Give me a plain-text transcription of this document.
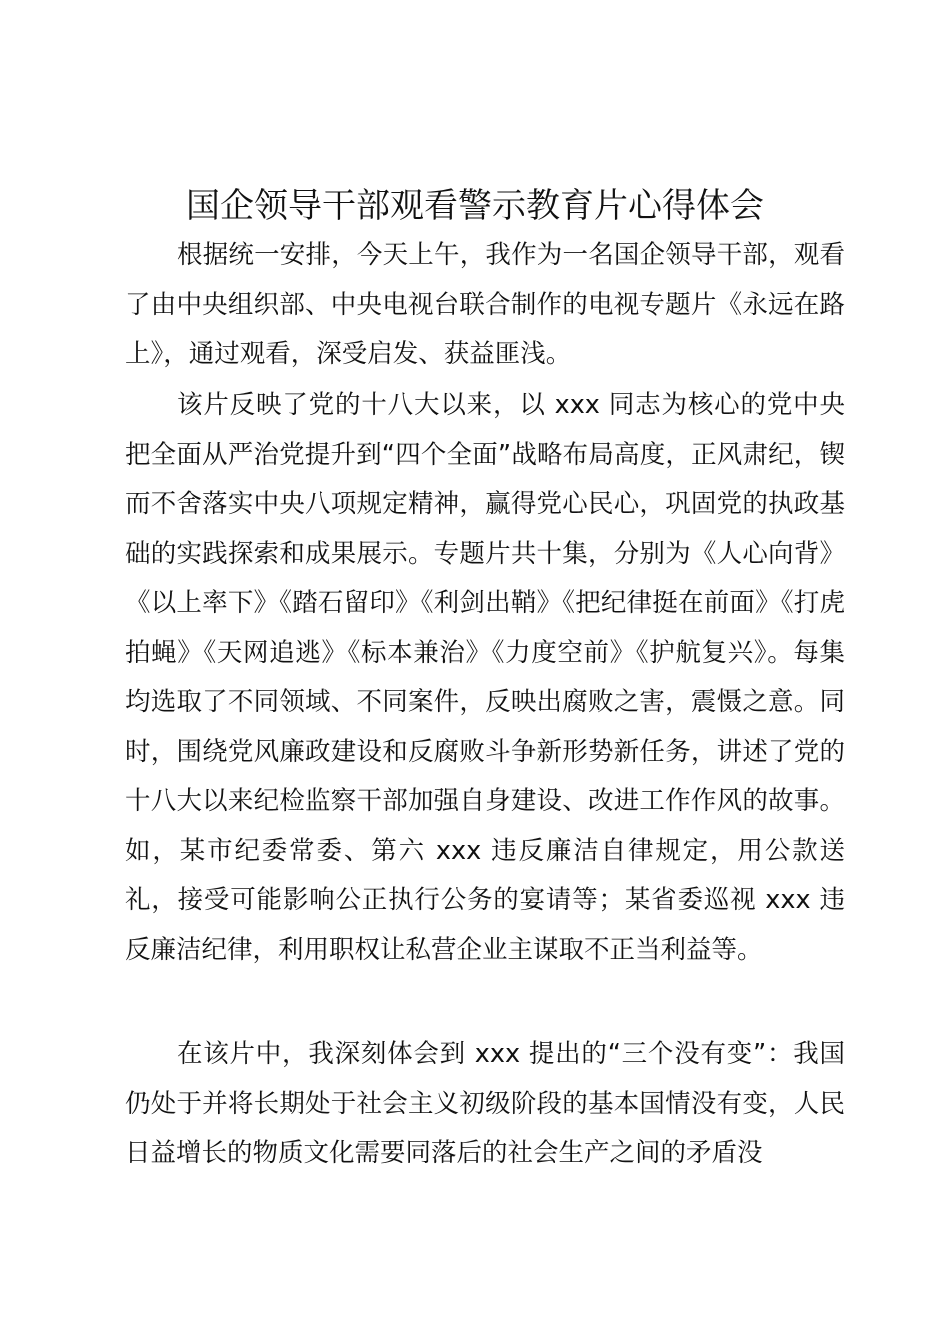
国企领导干部观看警示教育片心得体会

根据统一安排，今天上午，我作为一名国企领导干部，观看了由中央组织部、中央电视台联合制作的电视专题片《永远在路上》，通过观看，深受启发、获益匪浅。

该片反映了党的十八大以来，以 xxx 同志为核心的党中央把全面从严治党提升到“四个全面”战略布局高度，正风肃纪，锲而不舍落实中央八项规定精神，赢得党心民心，巩固党的执政基础的实践探索和成果展示。专题片共十集，分别为《人心向背》《以上率下》《踏石留印》《利剑出鞘》《把纪律挺在前面》《打虎拍蝇》《天网追逃》《标本兼治》《力度空前》《护航复兴》。每集均选取了不同领域、不同案件，反映出腐败之害，震慑之意。同时，围绕党风廉政建设和反腐败斗争新形势新任务，讲述了党的十八大以来纪检监察干部加强自身建设、改进工作作风的故事。如，某市纪委常委、第六 xxx 违反廉洁自律规定，用公款送礼，接受可能影响公正执行公务的宴请等；某省委巡视 xxx 违反廉洁纪律，利用职权让私营企业主谋取不正当利益等。

在该片中，我深刻体会到 xxx 提出的“三个没有变”：我国仍处于并将长期处于社会主义初级阶段的基本国情没有变，人民日益增长的物质文化需要同落后的社会生产之间的矛盾没
